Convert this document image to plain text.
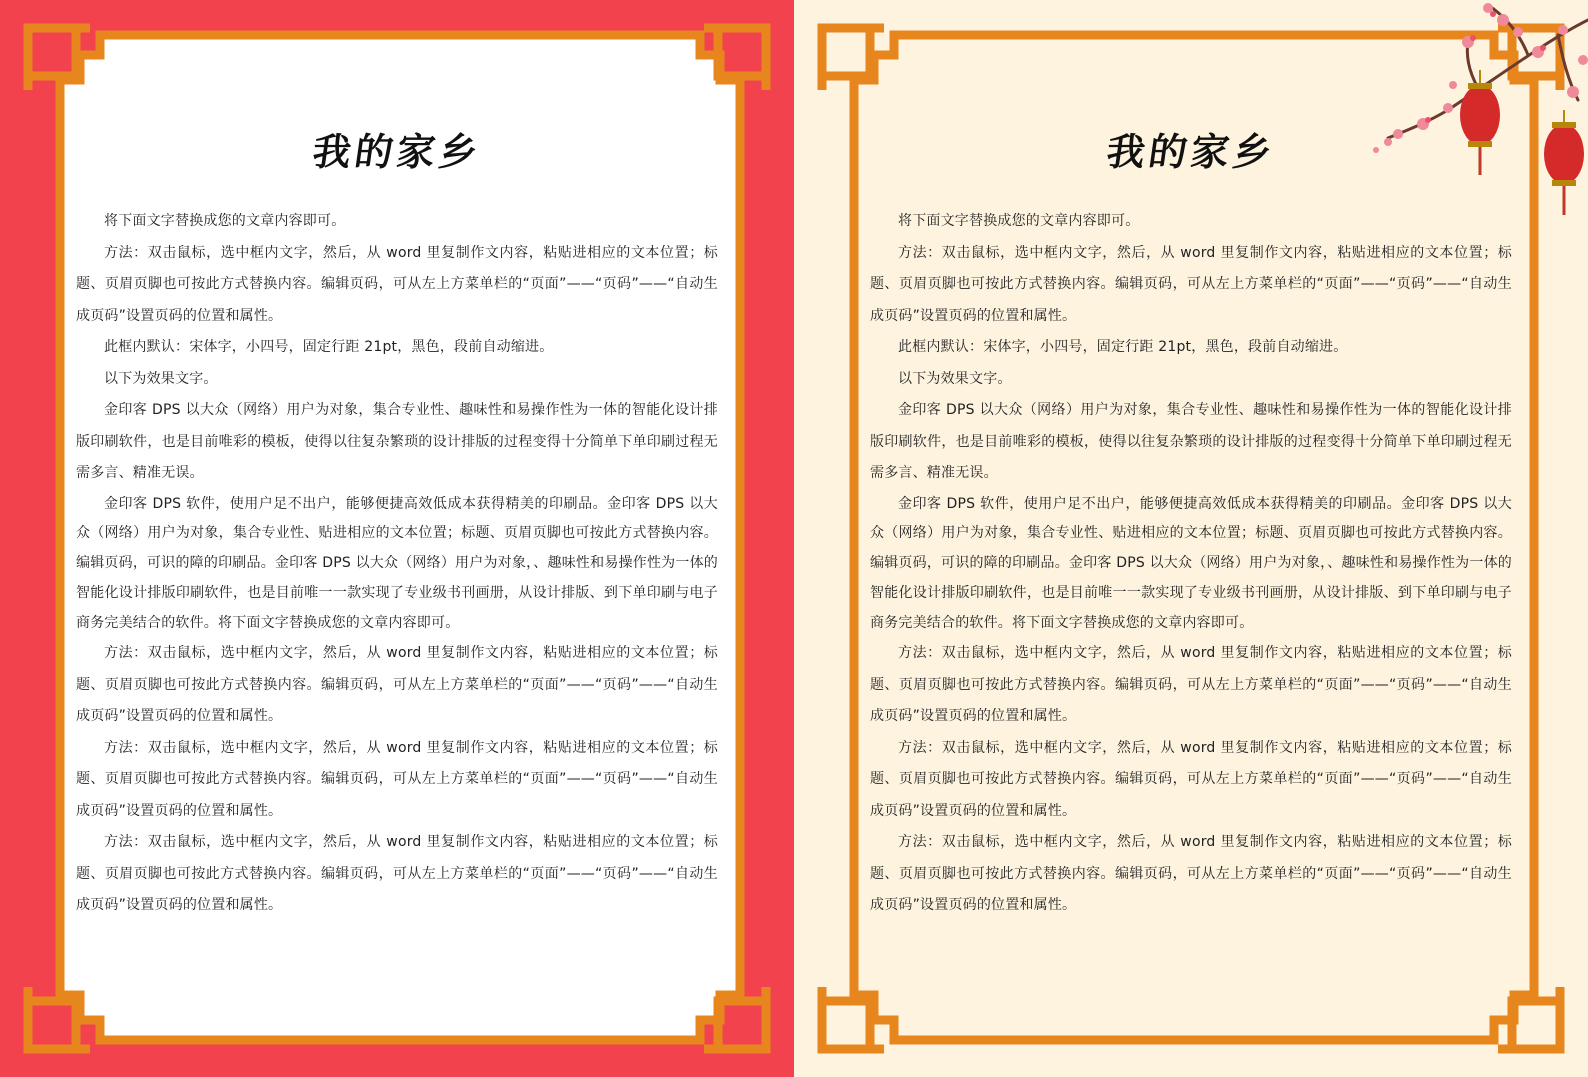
我的家乡

将下面文字替换成您的文章内容即可。

方法：双击鼠标，选中框内文字，然后，从 word 里复制作文内容，粘贴进相应的文本位置；标题、页眉页脚也可按此方式替换内容。编辑页码，可从左上方菜单栏的“页面”——“页码”——“自动生成页码”设置页码的位置和属性。

此框内默认：宋体字，小四号，固定行距 21pt，黑色，段前自动缩进。

以下为效果文字。

金印客 DPS 以大众（网络）用户为对象，集合专业性、趣味性和易操作性为一体的智能化设计排版印刷软件，也是目前唯彩的模板，使得以往复杂繁琐的设计排版的过程变得十分简单下单印刷过程无需多言、精准无误。

金印客 DPS 软件，使用户足不出户，能够便捷高效低成本获得精美的印刷品。金印客 DPS 以大众（网络）用户为对象，集合专业性、贴进相应的文本位置；标题、页眉页脚也可按此方式替换内容。编辑页码，可识的障的印刷品。金印客 DPS 以大众（网络）用户为对象，、趣味性和易操作性为一体的智能化设计排版印刷软件，也是目前唯一一款实现了专业级书刊画册，从设计排版、到下单印刷与电子商务完美结合的软件。将下面文字替换成您的文章内容即可。

方法：双击鼠标，选中框内文字，然后，从 word 里复制作文内容，粘贴进相应的文本位置；标题、页眉页脚也可按此方式替换内容。编辑页码，可从左上方菜单栏的“页面”——“页码”——“自动生成页码”设置页码的位置和属性。

方法：双击鼠标，选中框内文字，然后，从 word 里复制作文内容，粘贴进相应的文本位置；标题、页眉页脚也可按此方式替换内容。编辑页码，可从左上方菜单栏的“页面”——“页码”——“自动生成页码”设置页码的位置和属性。

方法：双击鼠标，选中框内文字，然后，从 word 里复制作文内容，粘贴进相应的文本位置；标题、页眉页脚也可按此方式替换内容。编辑页码，可从左上方菜单栏的“页面”——“页码”——“自动生成页码”设置页码的位置和属性。

我的家乡

将下面文字替换成您的文章内容即可。

方法：双击鼠标，选中框内文字，然后，从 word 里复制作文内容，粘贴进相应的文本位置；标题、页眉页脚也可按此方式替换内容。编辑页码，可从左上方菜单栏的“页面”——“页码”——“自动生成页码”设置页码的位置和属性。

此框内默认：宋体字，小四号，固定行距 21pt，黑色，段前自动缩进。

以下为效果文字。

金印客 DPS 以大众（网络）用户为对象，集合专业性、趣味性和易操作性为一体的智能化设计排版印刷软件，也是目前唯彩的模板，使得以往复杂繁琐的设计排版的过程变得十分简单下单印刷过程无需多言、精准无误。

金印客 DPS 软件，使用户足不出户，能够便捷高效低成本获得精美的印刷品。金印客 DPS 以大众（网络）用户为对象，集合专业性、贴进相应的文本位置；标题、页眉页脚也可按此方式替换内容。编辑页码，可识的障的印刷品。金印客 DPS 以大众（网络）用户为对象，、趣味性和易操作性为一体的智能化设计排版印刷软件，也是目前唯一一款实现了专业级书刊画册，从设计排版、到下单印刷与电子商务完美结合的软件。将下面文字替换成您的文章内容即可。

方法：双击鼠标，选中框内文字，然后，从 word 里复制作文内容，粘贴进相应的文本位置；标题、页眉页脚也可按此方式替换内容。编辑页码，可从左上方菜单栏的“页面”——“页码”——“自动生成页码”设置页码的位置和属性。

方法：双击鼠标，选中框内文字，然后，从 word 里复制作文内容，粘贴进相应的文本位置；标题、页眉页脚也可按此方式替换内容。编辑页码，可从左上方菜单栏的“页面”——“页码”——“自动生成页码”设置页码的位置和属性。

方法：双击鼠标，选中框内文字，然后，从 word 里复制作文内容，粘贴进相应的文本位置；标题、页眉页脚也可按此方式替换内容。编辑页码，可从左上方菜单栏的“页面”——“页码”——“自动生成页码”设置页码的位置和属性。
